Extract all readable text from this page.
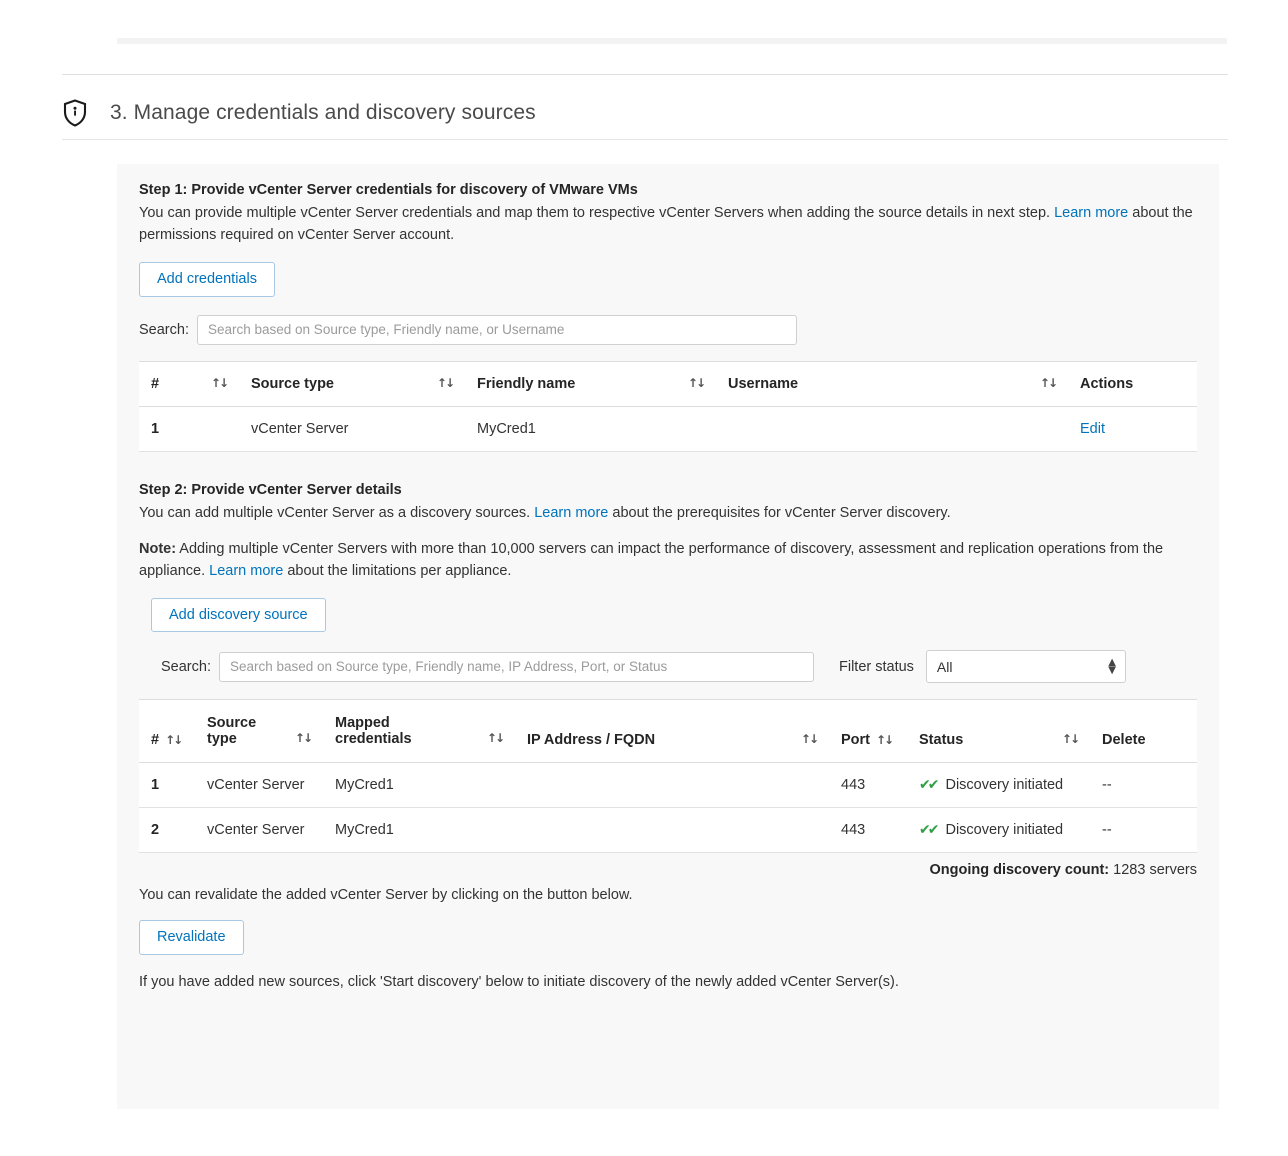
3. Manage credentials and discovery sources
Step 1: Provide vCenter Server credentials for discovery of VMware VMs

You can provide multiple vCenter Server credentials and map them to respective vCenter Servers when adding the source details in next step. Learn more about the permissions required on vCenter Server account.

Add credentials
Search:
Search based on Source type, Friendly name, or Username
# ↑↓	Source type ↑↓	Friendly name ↑↓	Username ↑↓	Actions
1	vCenter Server	MyCred1		Edit
Step 2: Provide vCenter Server details

You can add multiple vCenter Server as a discovery sources. Learn more about the prerequisites for vCenter Server discovery.

Note: Adding multiple vCenter Servers with more than 10,000 servers can impact the performance of discovery, assessment and replication operations from the appliance. Learn more about the limitations per appliance.

Add discovery source
Search:
Search based on Source type, Friendly name, IP Address, Port, or Status	Filter status
All	▲
▼
# ↑↓	Source
type ↑↓	Mapped
credentials ↑↓	IP Address / FQDN ↑↓	Port ↑↓	Status ↑↓	Delete
1	vCenter Server	MyCred1		443	✔✔ Discovery initiated	--
2	vCenter Server	MyCred1		443	✔✔ Discovery initiated	--
Ongoing discovery count: 1283 servers

You can revalidate the added vCenter Server by clicking on the button below.

Revalidate

If you have added new sources, click 'Start discovery' below to initiate discovery of the newly added vCenter Server(s).
